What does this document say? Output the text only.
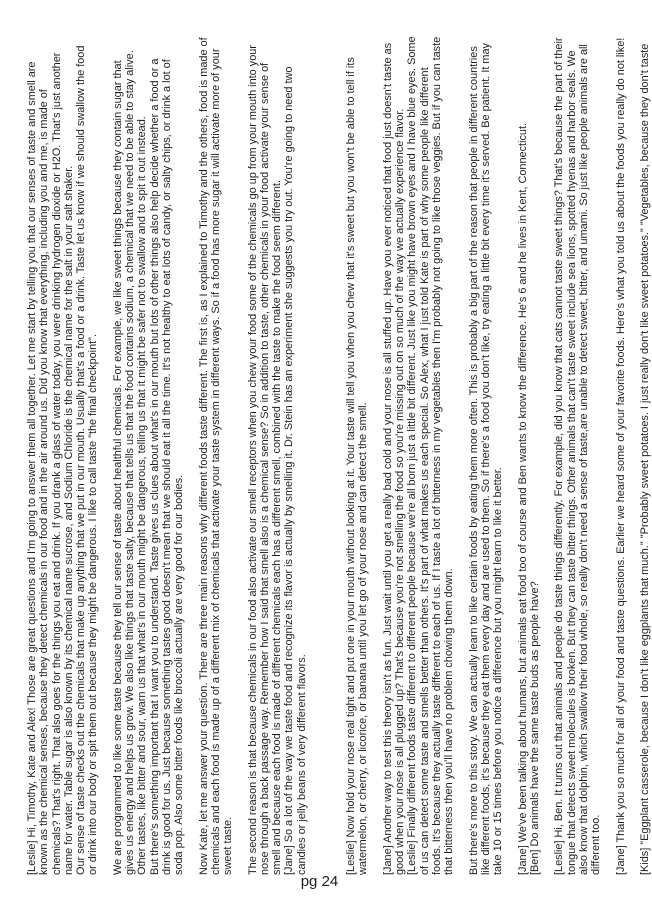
[Leslie] Hi, Timothy, Kate and Alex! Those are great questions and I'm going to answer them all together. Let me start by telling you that our senses of taste and smell are known as the chemical senses, because they detect chemicals in our food and in the air around us. Did you know that everything, including you and me, is made of chemicals? That's right. That also goes for the things you eat and drink. If you drank a glass of water today, you were drinking hydrogen dioxide or H2O. That's just another name for water. Table sugar is also known by its chemical name sucrose, and Sodium Chloride is the chemical name for the salt in your salt shaker. Our sense of taste checks out the chemicals that make up anything that we put in our mouth. Usually that's a food or a drink. Taste let us know if we should swallow the food or drink into our body or spit them out because they might be dangerous. I like to call taste "the final checkpoint". We are programmed to like some taste because they tell our sense of taste about healthful chemicals. For example, we like sweet things because they contain sugar that gives us energy and helps us grow. We also like things that taste salty, because that tells us that the food contains sodium, a chemical that we need to be able to stay alive. Other tastes, like bitter and sour, warn us that what's in our mouth might be dangerous, telling us that it might be safer not to swallow and to spit it out instead. But there's something important that I want you to understand. Taste gives us clues about what's in our mouth but lots of other things also help decide whether a food or a drink is good for us. Just because something tastes good doesn't mean that we should eat it all the time. It's not healthy to eat lots of candy, or salty chips, or drink a lot of soda pop. Also some bitter foods like broccoli actually are very good for our bodies. Now Kate, let me answer your question. There are three main reasons why different foods taste different. The first is, as I explained to Timothy and the others, food is made of chemicals and each food is made up of a different mix of chemicals that activate your taste system in different ways. So if a food has more sugar it will activate more of your sweet taste. The second reason is that because chemicals in our food also activate our smell receptors when you chew your food some of the chemicals go up from your mouth into your nose through a back passage way. Remember how I said that smell also is a chemical sense? So in addition to taste, other chemicals in your food activate your sense of smell and because each food is made of different chemicals each has a different smell, combined with the taste to make the food seem different. [Jane] So a lot of the way we taste food and recognize its flavor is actually by smelling it. Dr. Stein has an experiment she suggests you try out. You're going to need two candies or jelly beans of very different flavors.	[Leslie] Now hold your nose real tight and put one in your mouth without looking at it. Your taste will tell you when you chew that it's sweet but you won't be able to tell if its watermelon, or cherry, or licorice, or banana until you let go of your nose and can detect the smell. [Jane] Another way to test this theory isn't as fun. Just wait until you get a really bad cold and your nose is all stuffed up. Have you ever noticed that food just doesn't taste as good when your nose is all plugged up? That's because you're not smelling the food so you're missing out on so much of the way we actually experience flavor. [Leslie] Finally different foods taste different to different people because we're all born just a little bit different. Just like you might have brown eyes and I have blue eyes. Some of us can detect some taste and smells better than others. It's part of what makes us each special. So Alex, what I just told Kate is part of why some people like different foods. It's because they actually taste different to each of us. If I taste a lot of bitterness in my vegetables then I'm probably not going to like those veggies. But if you can taste that bitterness then you'll have no problem chowing them down. But there's more to this story. We can actually learn to like certain foods by eating them more often. This is probably a big part of the reason that people in different countries like different foods, it's because they eat them every day and are used to them. So if there's a food you don't like, try eating a little bit every time it's served. Be patient. It may take 10 or 15 times before you notice a difference but you might learn to like it better. [Jane] We've been talking about humans, but animals eat food too of course and Ben wants to know the difference. He's 6 and he lives in Kent, Connecticut. [Ben] Do animals have the same taste buds as people have? [Leslie] Hi, Ben. It turns out that animals and people do taste things differently. For example, did you know that cats cannot taste sweet things? That's because the part of their tongue that detects sweet molecules is broken. But they can taste bitter things. Other animals that can't taste sweet include sea lions, spotted hyenas and harbor seals. We also know that dolphin, which swallow their food whole, so really don't need a sense of taste,are unable to detect sweet, bitter, and umami. So just like people animals are all different too. [Jane] Thank you so much for all of your food and taste questions. Earlier we heard some of your favorite foods. Here's what you told us about the foods you really do not like! [Kids] "Eggplant casserole, because I don't like eggplants that much." "Probably sweet potatoes. I just really don't like sweet potatoes." "Vegetables, because they don't taste

pg 24
